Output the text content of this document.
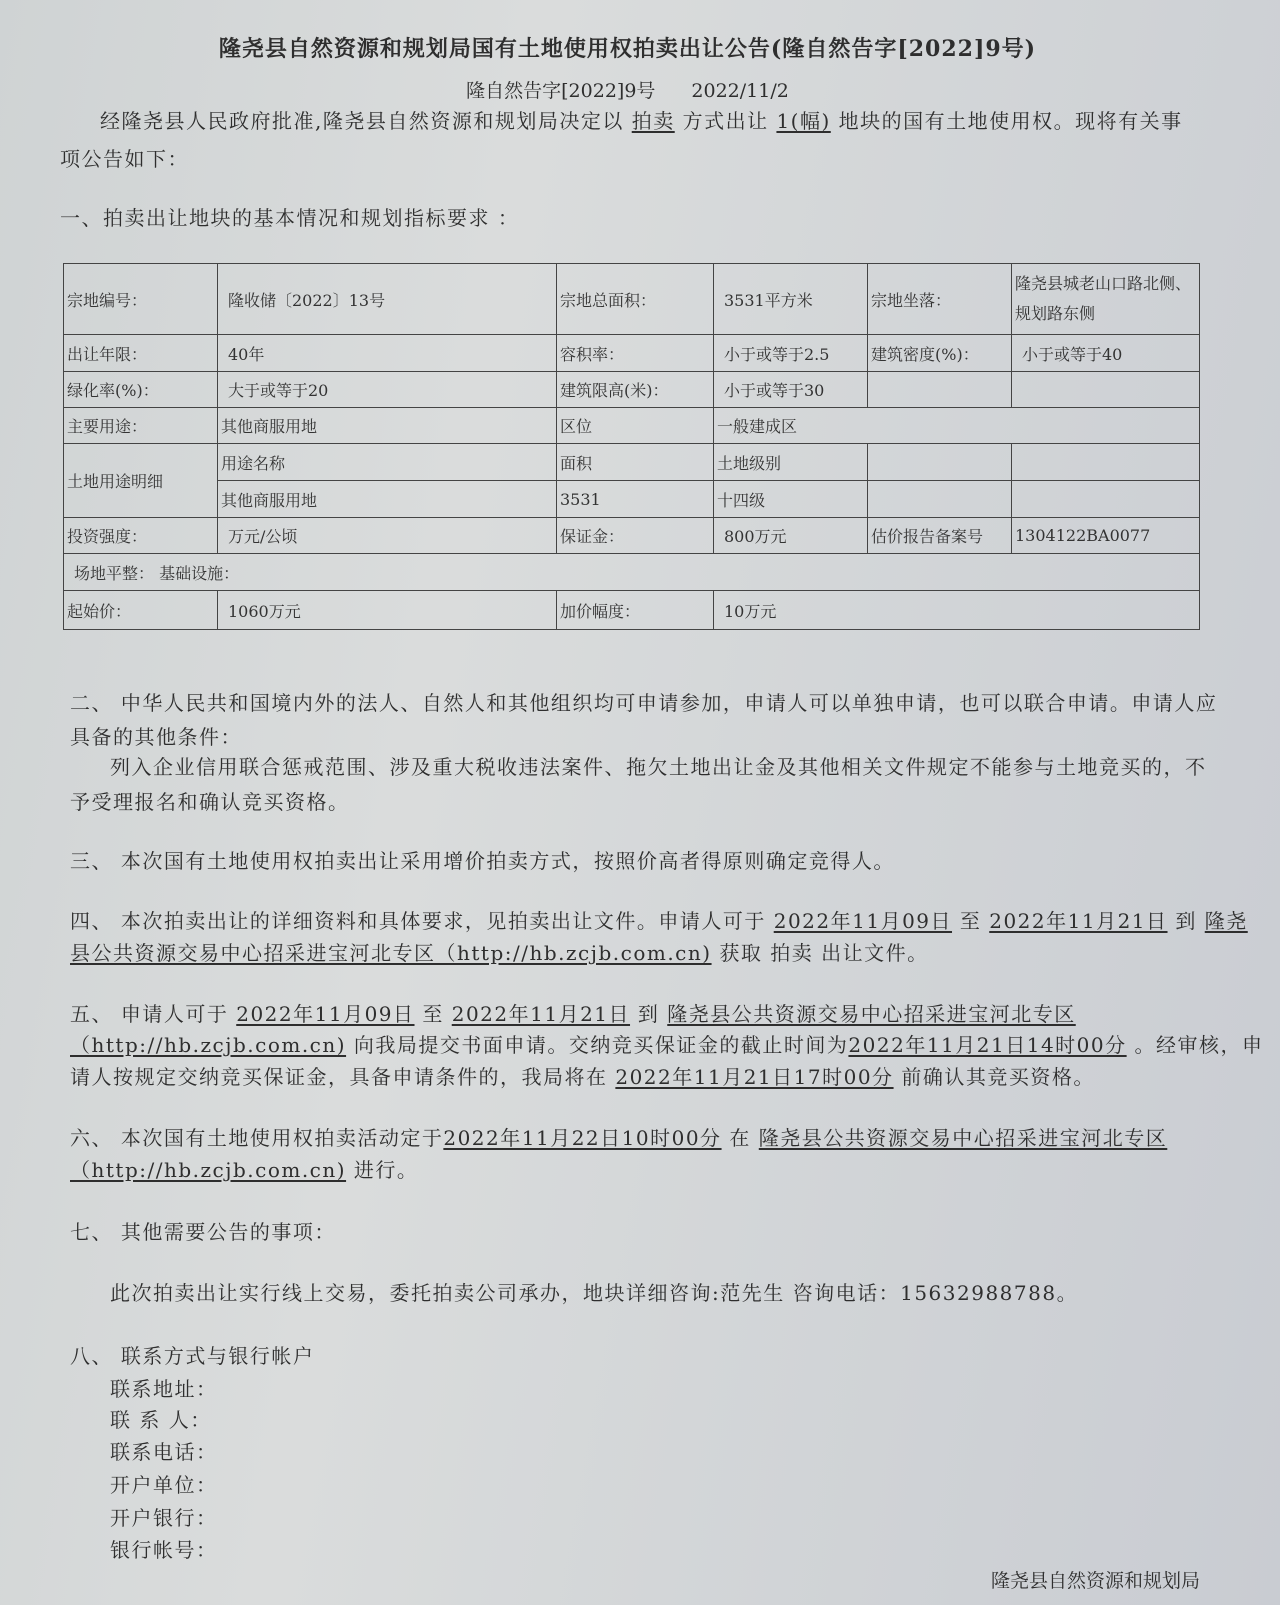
隆尧县自然资源和规划局国有土地使用权拍卖出让公告(隆自然告字[2022]9号)
隆自然告字[2022]9号 2022/11/2
经隆尧县人民政府批准,隆尧县自然资源和规划局决定以 拍卖 方式出让 1(幅) 地块的国有土地使用权。现将有关事
项公告如下：
一、拍卖出让地块的基本情况和规划指标要求 ：
宗地编号：	隆收储〔2022〕13号	宗地总面积：	3531平方米	宗地坐落：	隆尧县城老山口路北侧、规划路东侧
出让年限：	40年	容积率：	小于或等于2.5	建筑密度(%)：	小于或等于40
绿化率(%)：	大于或等于20	建筑限高(米)：	小于或等于30		
主要用途：	其他商服用地	区位	一般建成区		
土地用途明细	用途名称	面积	土地级别		
	其他商服用地	3531	十四级		
投资强度：	万元/公顷	保证金：	800万元	估价报告备案号	1304122BA0077
场地平整： 基础设施：					
起始价：	1060万元	加价幅度：	10万元		
二、 中华人民共和国境内外的法人、自然人和其他组织均可申请参加，申请人可以单独申请，也可以联合申请。申请人应
具备的其他条件：
列入企业信用联合惩戒范围、涉及重大税收违法案件、拖欠土地出让金及其他相关文件规定不能参与土地竞买的，不
予受理报名和确认竞买资格。
三、 本次国有土地使用权拍卖出让采用增价拍卖方式，按照价高者得原则确定竞得人。
四、 本次拍卖出让的详细资料和具体要求，见拍卖出让文件。申请人可于 2022年11月09日 至 2022年11月21日 到 隆尧
县公共资源交易中心招采进宝河北专区（http://hb.zcjb.com.cn) 获取 拍卖 出让文件。
五、 申请人可于 2022年11月09日 至 2022年11月21日 到 隆尧县公共资源交易中心招采进宝河北专区
（http://hb.zcjb.com.cn) 向我局提交书面申请。交纳竞买保证金的截止时间为2022年11月21日14时00分 。经审核，申
请人按规定交纳竞买保证金，具备申请条件的，我局将在 2022年11月21日17时00分 前确认其竞买资格。
六、 本次国有土地使用权拍卖活动定于2022年11月22日10时00分 在 隆尧县公共资源交易中心招采进宝河北专区
（http://hb.zcjb.com.cn) 进行。
七、 其他需要公告的事项：
此次拍卖出让实行线上交易，委托拍卖公司承办，地块详细咨询:范先生 咨询电话：15632988788。
八、 联系方式与银行帐户
联系地址：
联 系 人：
联系电话：
开户单位：
开户银行：
银行帐号：
隆尧县自然资源和规划局
